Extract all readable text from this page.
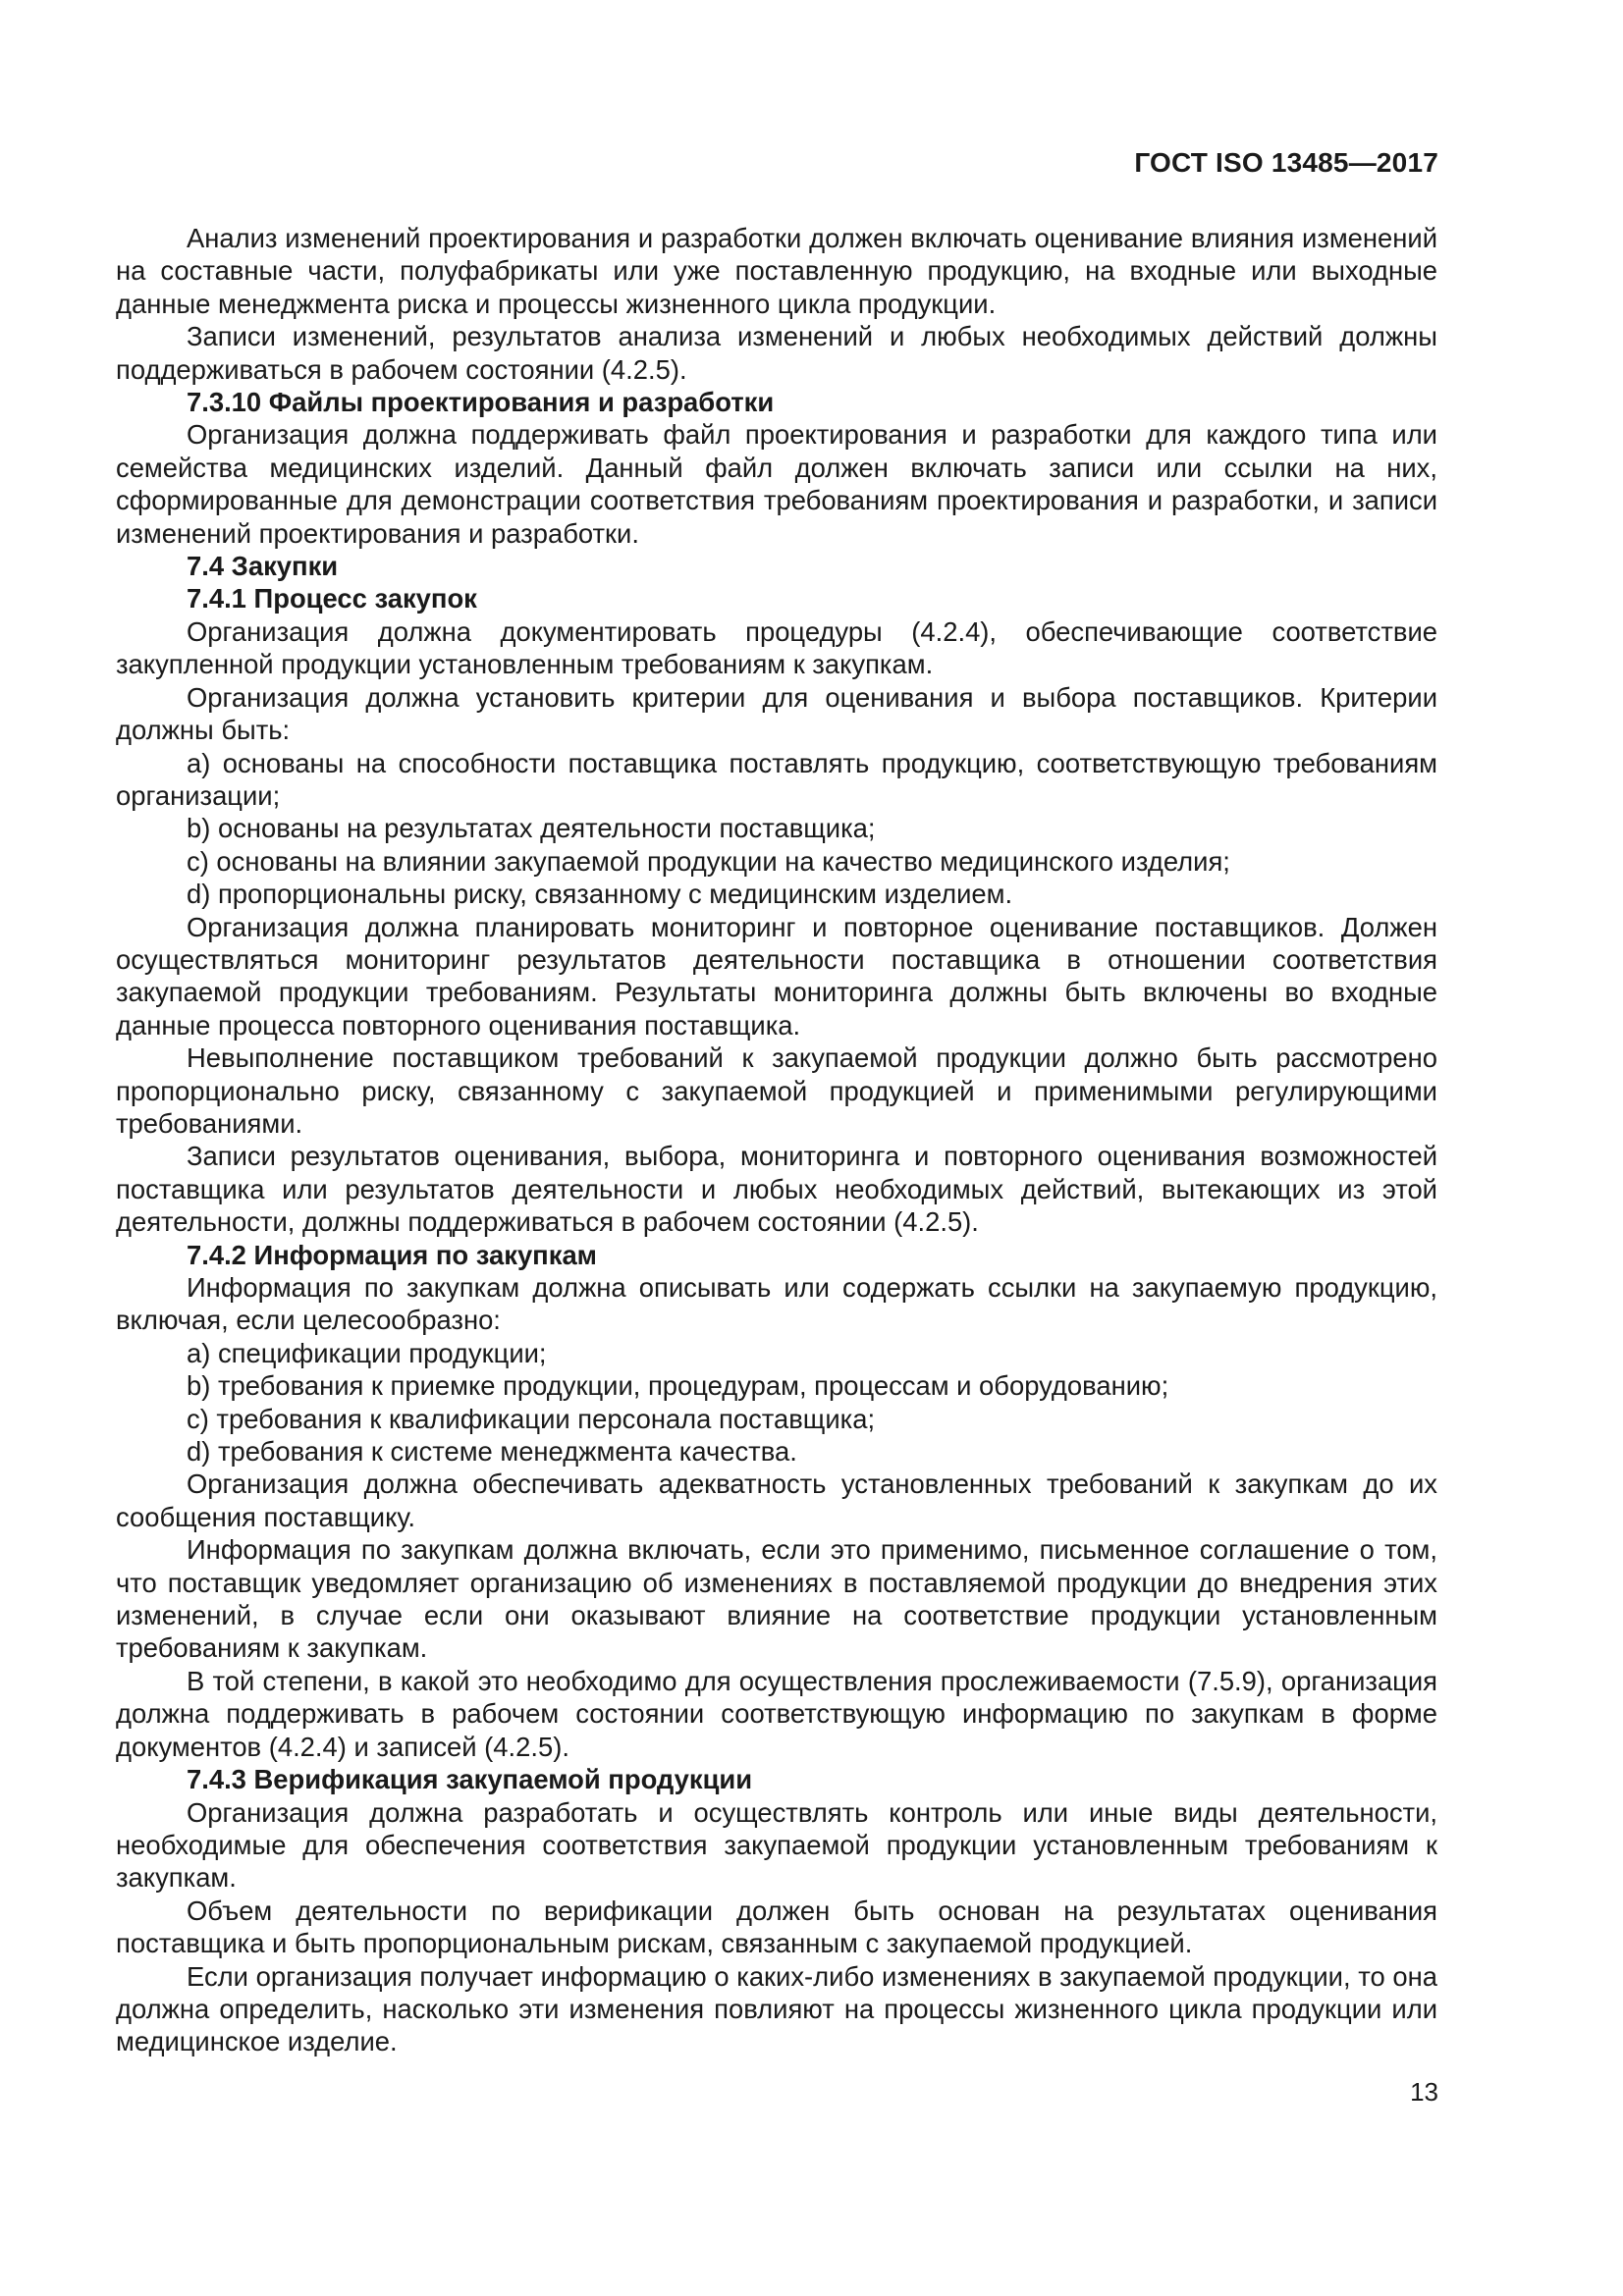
ГОСТ ISO 13485—2017

Анализ изменений проектирования и разработки должен включать оценивание влияния изменений на составные части, полуфабрикаты или уже поставленную продукцию, на входные или выходные данные менеджмента риска и процессы жизненного цикла продукции.

Записи изменений, результатов анализа изменений и любых необходимых действий должны поддерживаться в рабочем состоянии (4.2.5).

7.3.10 Файлы проектирования и разработки

Организация должна поддерживать файл проектирования и разработки для каждого типа или семейства медицинских изделий. Данный файл должен включать записи или ссылки на них, сформированные для демонстрации соответствия требованиям проектирования и разработки, и записи изменений проектирования и разработки.

7.4 Закупки
7.4.1 Процесс закупок

Организация должна документировать процедуры (4.2.4), обеспечивающие соответствие закупленной продукции установленным требованиям к закупкам.

Организация должна установить критерии для оценивания и выбора поставщиков. Критерии должны быть:

a) основаны на способности поставщика поставлять продукцию, соответствующую требованиям организации;

b) основаны на результатах деятельности поставщика;

c) основаны на влиянии закупаемой продукции на качество медицинского изделия;

d) пропорциональны риску, связанному с медицинским изделием.

Организация должна планировать мониторинг и повторное оценивание поставщиков. Должен осуществляться мониторинг результатов деятельности поставщика в отношении соответствия закупаемой продукции требованиям. Результаты мониторинга должны быть включены во входные данные процесса повторного оценивания поставщика.

Невыполнение поставщиком требований к закупаемой продукции должно быть рассмотрено пропорционально риску, связанному с закупаемой продукцией и применимыми регулирующими требованиями.

Записи результатов оценивания, выбора, мониторинга и повторного оценивания возможностей поставщика или результатов деятельности и любых необходимых действий, вытекающих из этой деятельности, должны поддерживаться в рабочем состоянии (4.2.5).

7.4.2 Информация по закупкам

Информация по закупкам должна описывать или содержать ссылки на закупаемую продукцию, включая, если целесообразно:

a) спецификации продукции;

b) требования к приемке продукции, процедурам, процессам и оборудованию;

c) требования к квалификации персонала поставщика;

d) требования к системе менеджмента качества.

Организация должна обеспечивать адекватность установленных требований к закупкам до их сообщения поставщику.

Информация по закупкам должна включать, если это применимо, письменное соглашение о том, что поставщик уведомляет организацию об изменениях в поставляемой продукции до внедрения этих изменений, в случае если они оказывают влияние на соответствие продукции установленным требованиям к закупкам.

В той степени, в какой это необходимо для осуществления прослеживаемости (7.5.9), организация должна поддерживать в рабочем состоянии соответствующую информацию по закупкам в форме документов (4.2.4) и записей (4.2.5).

7.4.3 Верификация закупаемой продукции

Организация должна разработать и осуществлять контроль или иные виды деятельности, необходимые для обеспечения соответствия закупаемой продукции установленным требованиям к закупкам.

Объем деятельности по верификации должен быть основан на результатах оценивания поставщика и быть пропорциональным рискам, связанным с закупаемой продукцией.

Если организация получает информацию о каких-либо изменениях в закупаемой продукции, то она должна определить, насколько эти изменения повлияют на процессы жизненного цикла продукции или медицинское изделие.

13
